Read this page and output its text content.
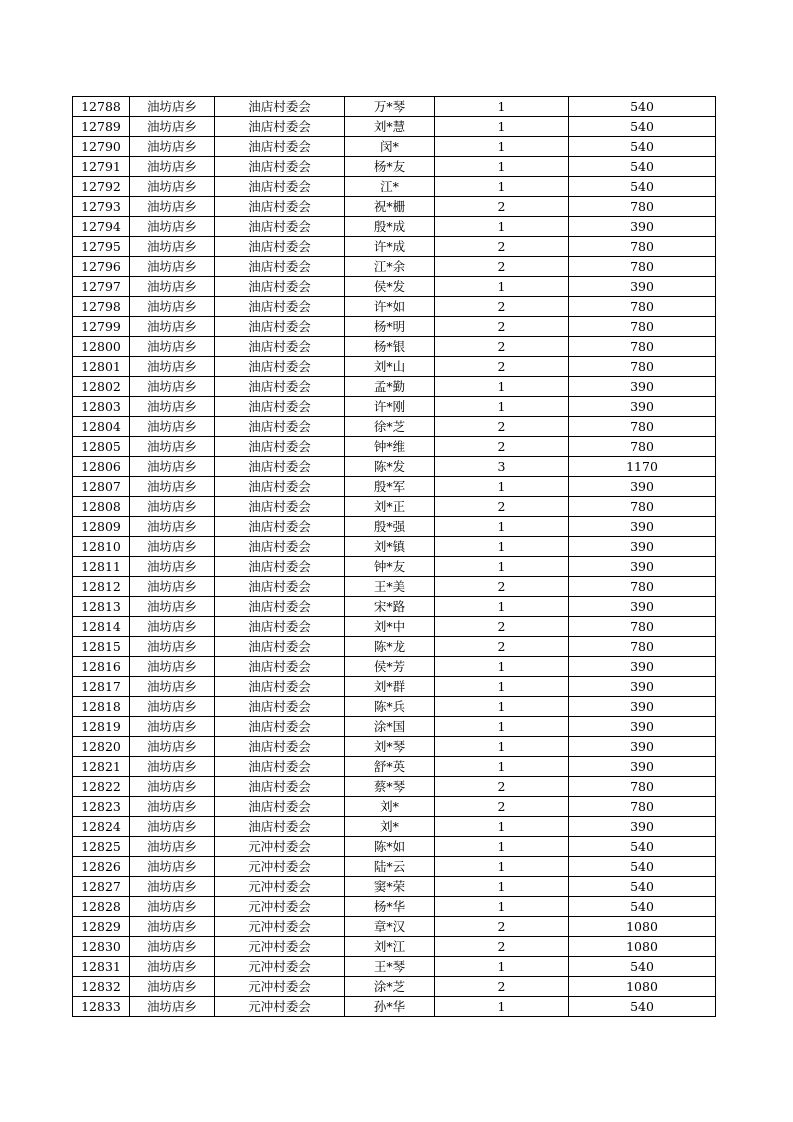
12788	油坊店乡	油店村委会	万*琴	1	540
12789	油坊店乡	油店村委会	刘*慧	1	540
12790	油坊店乡	油店村委会	闵*	1	540
12791	油坊店乡	油店村委会	杨*友	1	540
12792	油坊店乡	油店村委会	江*	1	540
12793	油坊店乡	油店村委会	祝*栅	2	780
12794	油坊店乡	油店村委会	殷*成	1	390
12795	油坊店乡	油店村委会	许*成	2	780
12796	油坊店乡	油店村委会	江*余	2	780
12797	油坊店乡	油店村委会	侯*发	1	390
12798	油坊店乡	油店村委会	许*如	2	780
12799	油坊店乡	油店村委会	杨*明	2	780
12800	油坊店乡	油店村委会	杨*银	2	780
12801	油坊店乡	油店村委会	刘*山	2	780
12802	油坊店乡	油店村委会	孟*勤	1	390
12803	油坊店乡	油店村委会	许*刚	1	390
12804	油坊店乡	油店村委会	徐*芝	2	780
12805	油坊店乡	油店村委会	钟*维	2	780
12806	油坊店乡	油店村委会	陈*发	3	1170
12807	油坊店乡	油店村委会	殷*军	1	390
12808	油坊店乡	油店村委会	刘*正	2	780
12809	油坊店乡	油店村委会	殷*强	1	390
12810	油坊店乡	油店村委会	刘*镇	1	390
12811	油坊店乡	油店村委会	钟*友	1	390
12812	油坊店乡	油店村委会	王*美	2	780
12813	油坊店乡	油店村委会	宋*路	1	390
12814	油坊店乡	油店村委会	刘*中	2	780
12815	油坊店乡	油店村委会	陈*龙	2	780
12816	油坊店乡	油店村委会	侯*芳	1	390
12817	油坊店乡	油店村委会	刘*群	1	390
12818	油坊店乡	油店村委会	陈*兵	1	390
12819	油坊店乡	油店村委会	涂*国	1	390
12820	油坊店乡	油店村委会	刘*琴	1	390
12821	油坊店乡	油店村委会	舒*英	1	390
12822	油坊店乡	油店村委会	蔡*琴	2	780
12823	油坊店乡	油店村委会	刘*	2	780
12824	油坊店乡	油店村委会	刘*	1	390
12825	油坊店乡	元冲村委会	陈*如	1	540
12826	油坊店乡	元冲村委会	陆*云	1	540
12827	油坊店乡	元冲村委会	窦*荣	1	540
12828	油坊店乡	元冲村委会	杨*华	1	540
12829	油坊店乡	元冲村委会	章*汉	2	1080
12830	油坊店乡	元冲村委会	刘*江	2	1080
12831	油坊店乡	元冲村委会	王*琴	1	540
12832	油坊店乡	元冲村委会	涂*芝	2	1080
12833	油坊店乡	元冲村委会	孙*华	1	540
